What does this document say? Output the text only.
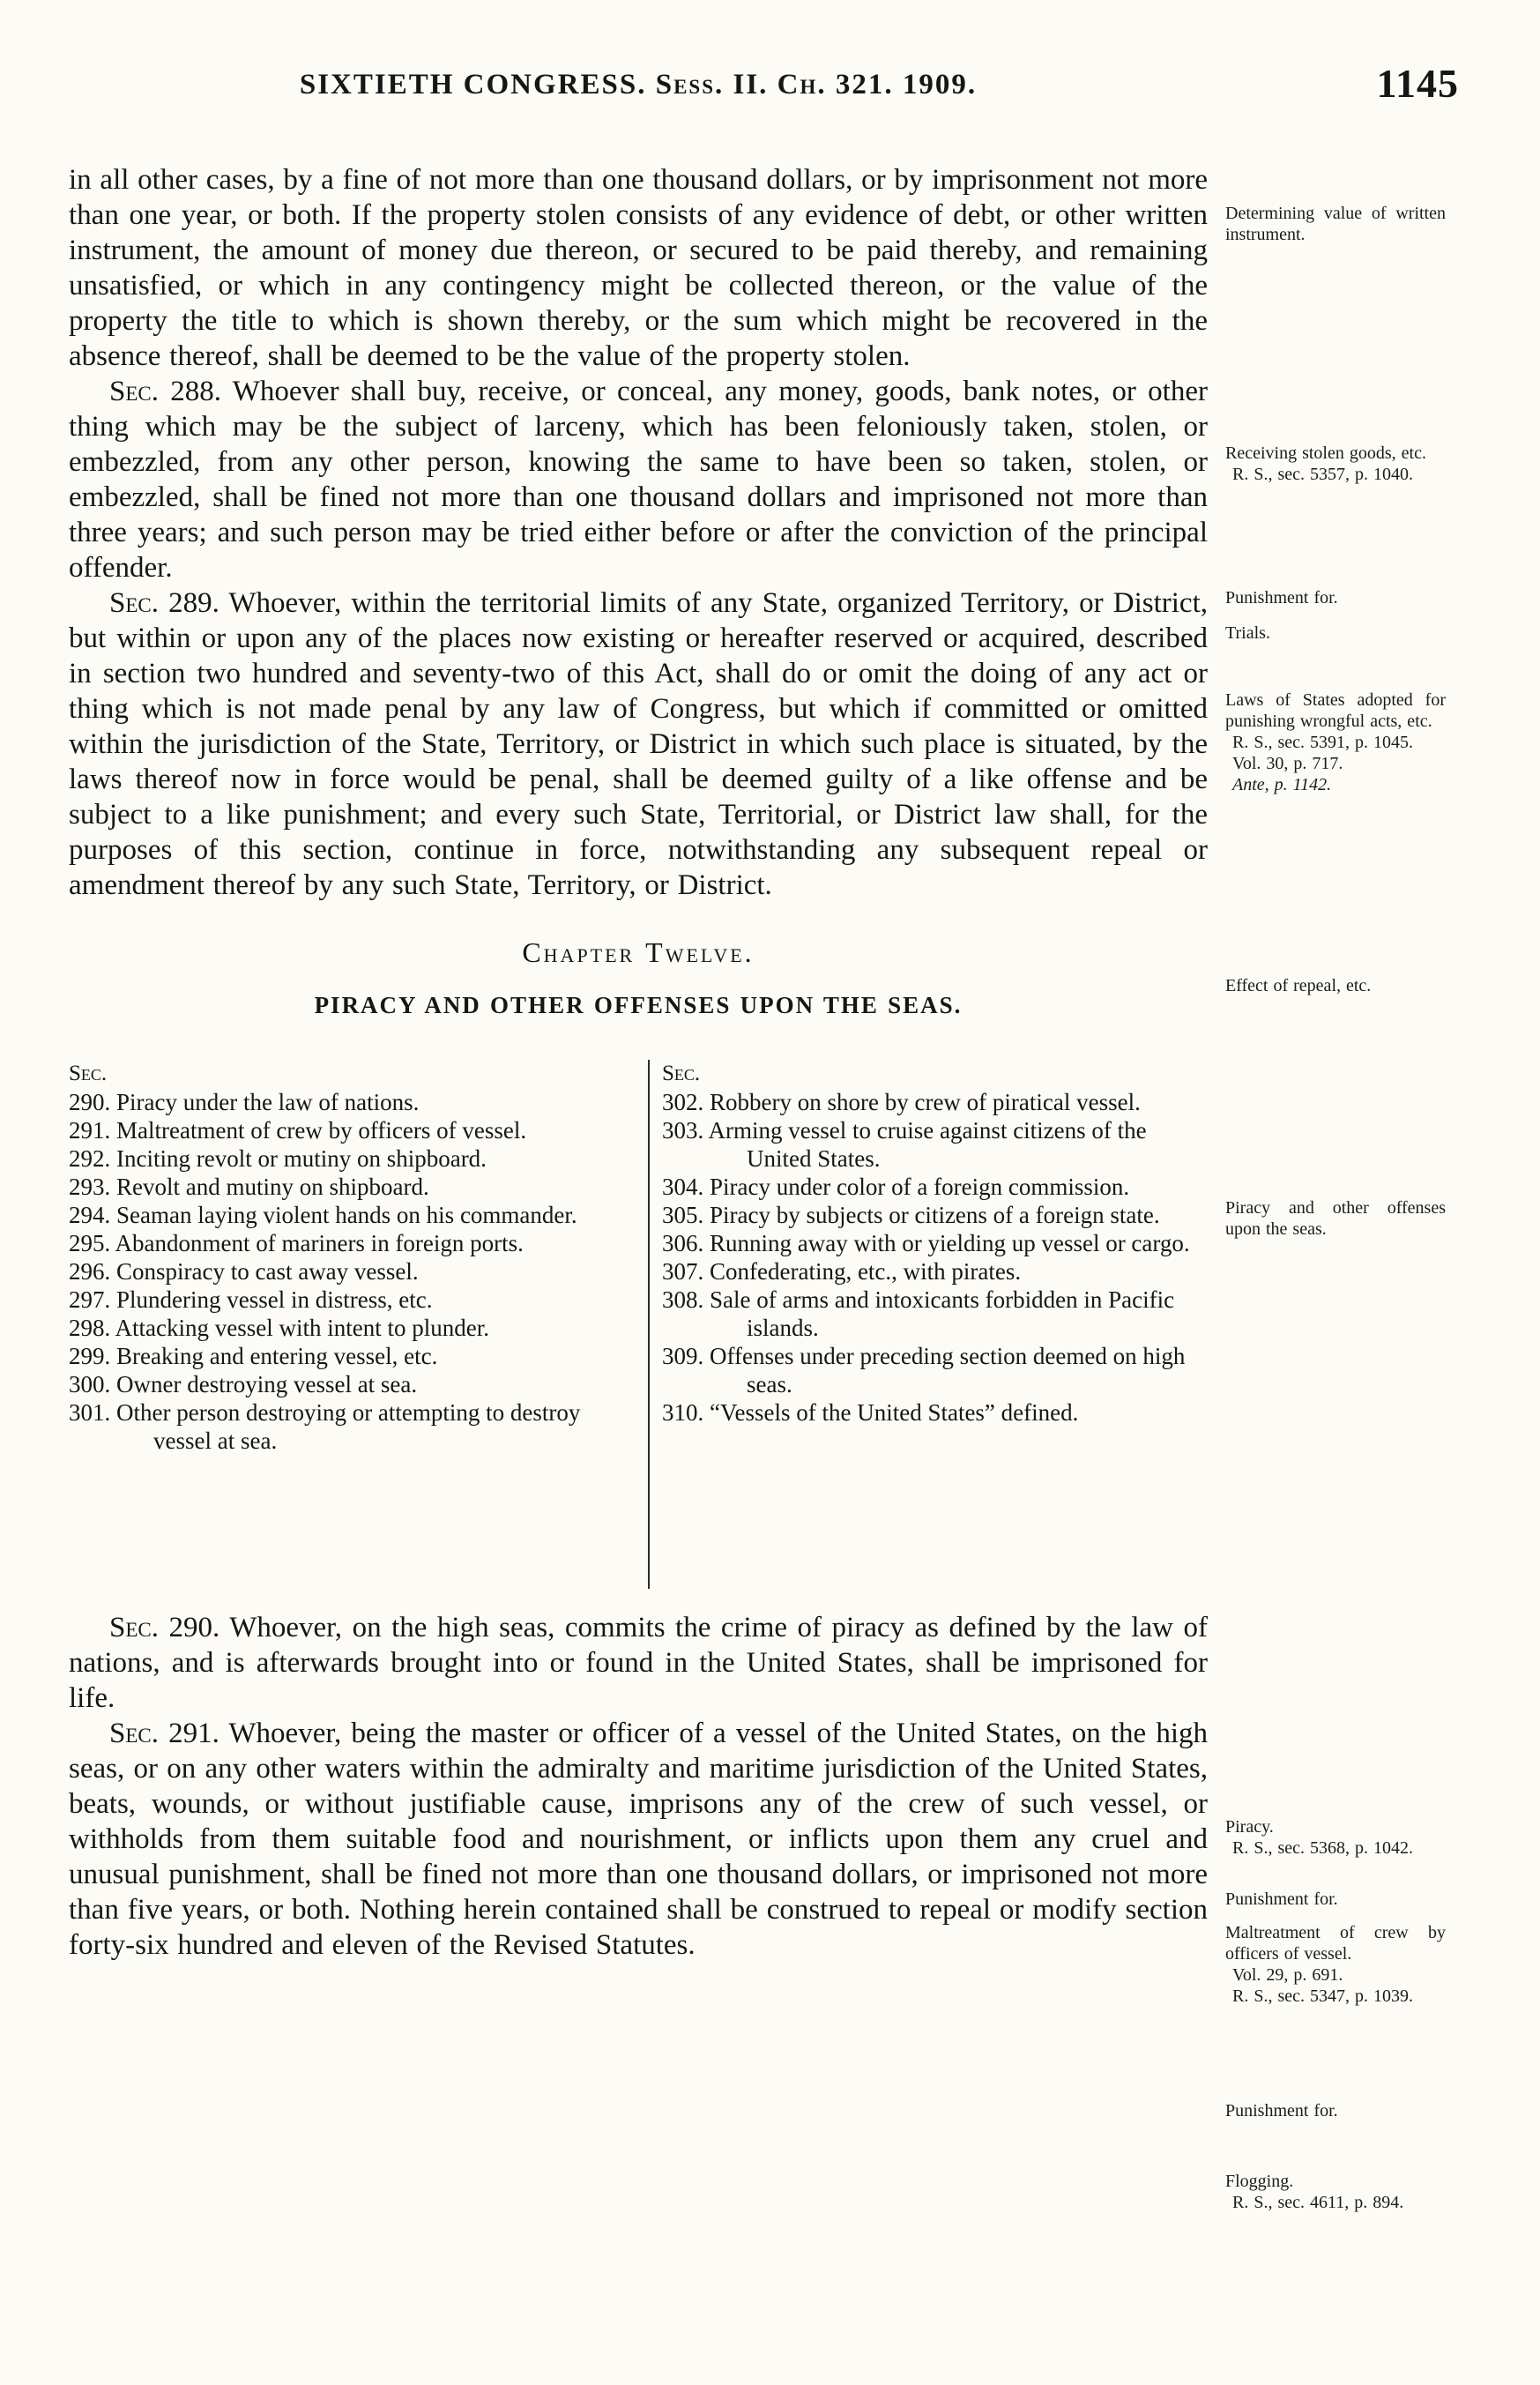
SIXTIETH CONGRESS. Sess. II. Ch. 321. 1909.	1145

in all other cases, by a fine of not more than one thousand dollars, or by imprisonment not more than one year, or both. If the property stolen consists of any evidence of debt, or other written instrument, the amount of money due thereon, or secured to be paid thereby, and remaining unsatisfied, or which in any contingency might be collected thereon, or the value of the property the title to which is shown thereby, or the sum which might be recovered in the absence thereof, shall be deemed to be the value of the property stolen.

Sec. 288. Whoever shall buy, receive, or conceal, any money, goods, bank notes, or other thing which may be the subject of larceny, which has been feloniously taken, stolen, or embezzled, from any other person, knowing the same to have been so taken, stolen, or embezzled, shall be fined not more than one thousand dollars and imprisoned not more than three years; and such person may be tried either before or after the conviction of the principal offender.

Sec. 289. Whoever, within the territorial limits of any State, organized Territory, or District, but within or upon any of the places now existing or hereafter reserved or acquired, described in section two hundred and seventy-two of this Act, shall do or omit the doing of any act or thing which is not made penal by any law of Congress, but which if committed or omitted within the jurisdiction of the State, Territory, or District in which such place is situated, by the laws thereof now in force would be penal, shall be deemed guilty of a like offense and be subject to a like punishment; and every such State, Territorial, or District law shall, for the purposes of this section, continue in force, notwithstanding any subsequent repeal or amendment thereof by any such State, Territory, or District.

Chapter Twelve.
PIRACY AND OTHER OFFENSES UPON THE SEAS.
Sec.
290. Piracy under the law of nations.
291. Maltreatment of crew by officers of vessel.
292. Inciting revolt or mutiny on shipboard.
293. Revolt and mutiny on shipboard.
294. Seaman laying violent hands on his commander.
295. Abandonment of mariners in foreign ports.
296. Conspiracy to cast away vessel.
297. Plundering vessel in distress, etc.
298. Attacking vessel with intent to plunder.
299. Breaking and entering vessel, etc.
300. Owner destroying vessel at sea.
301. Other person destroying or attempting to destroy vessel at sea.
Sec.
302. Robbery on shore by crew of piratical vessel.
303. Arming vessel to cruise against citizens of the United States.
304. Piracy under color of a foreign commission.
305. Piracy by subjects or citizens of a foreign state.
306. Running away with or yielding up vessel or cargo.
307. Confederating, etc., with pirates.
308. Sale of arms and intoxicants forbidden in Pacific islands.
309. Offenses under preceding section deemed on high seas.
310. “Vessels of the United States” defined.

Sec. 290. Whoever, on the high seas, commits the crime of piracy as defined by the law of nations, and is afterwards brought into or found in the United States, shall be imprisoned for life.

Sec. 291. Whoever, being the master or officer of a vessel of the United States, on the high seas, or on any other waters within the admiralty and maritime jurisdiction of the United States, beats, wounds, or without justifiable cause, imprisons any of the crew of such vessel, or withholds from them suitable food and nourishment, or inflicts upon them any cruel and unusual punishment, shall be fined not more than one thousand dollars, or imprisoned not more than five years, or both. Nothing herein contained shall be construed to repeal or modify section forty-six hundred and eleven of the Revised Statutes.

Determining value of written instrument.
Receiving stolen goods, etc.
R. S., sec. 5357, p. 1040.
Punishment for.
Trials.
Laws of States adopted for punishing wrongful acts, etc.
R. S., sec. 5391, p. 1045.
Vol. 30, p. 717.
Ante, p. 1142.
Effect of repeal, etc.
Piracy and other offenses upon the seas.
Piracy.
R. S., sec. 5368, p. 1042.
Punishment for.
Maltreatment of crew by officers of vessel.
Vol. 29, p. 691.
R. S., sec. 5347, p. 1039.
Punishment for.
Flogging.
R. S., sec. 4611, p. 894.
